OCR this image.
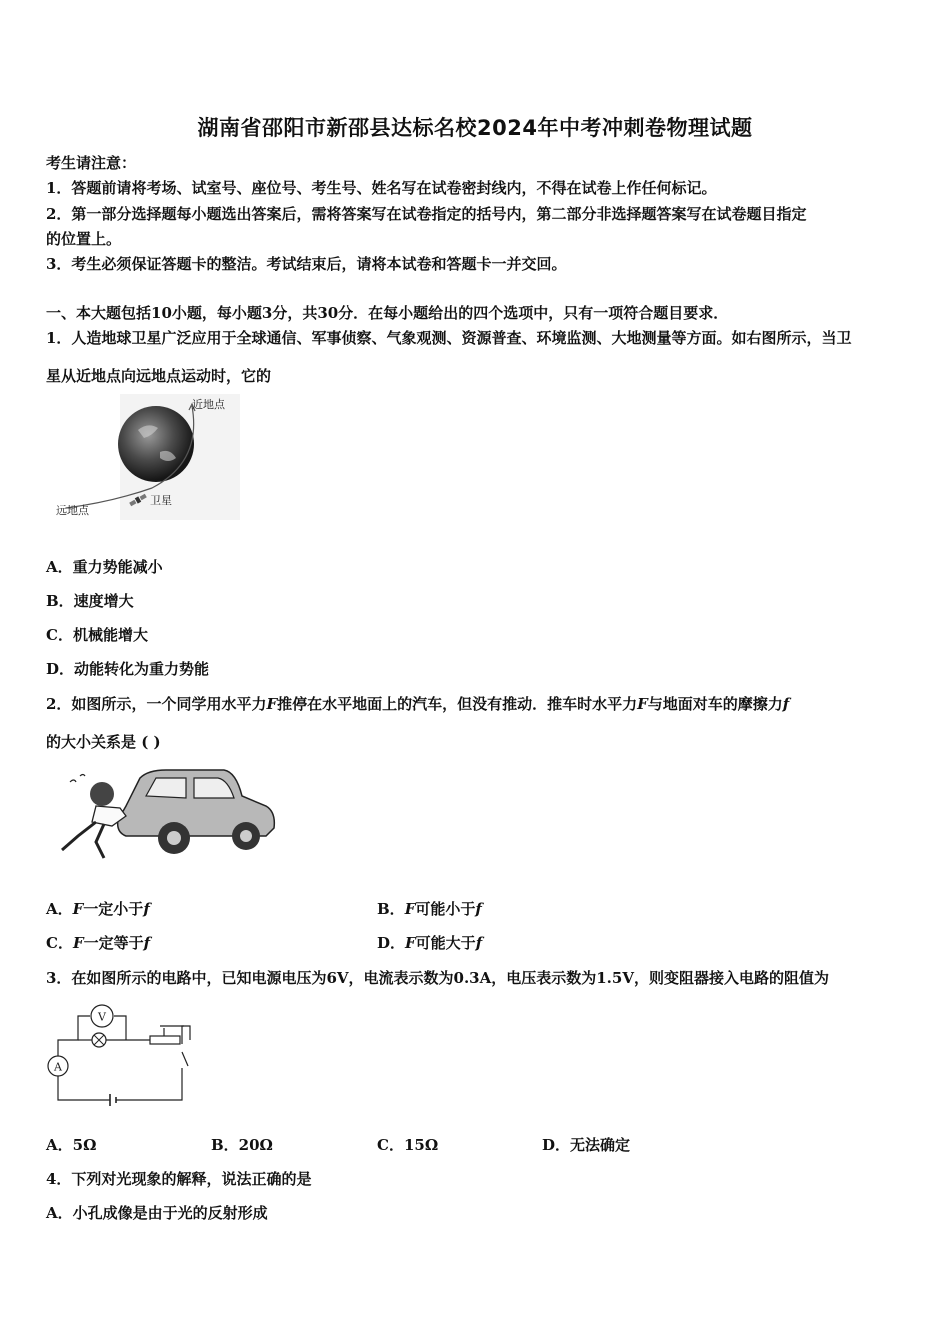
湖南省邵阳市新邵县达标名校2024年中考冲刺卷物理试题
考生请注意：
1．答题前请将考场、试室号、座位号、考生号、姓名写在试卷密封线内，不得在试卷上作任何标记。
2．第一部分选择题每小题选出答案后，需将答案写在试卷指定的括号内，第二部分非选择题答案写在试卷题目指定
的位置上。
3．考生必须保证答题卡的整洁。考试结束后，请将本试卷和答题卡一并交回。
一、本大题包括10小题，每小题3分，共30分．在每小题给出的四个选项中，只有一项符合题目要求．
1．人造地球卫星广泛应用于全球通信、军事侦察、气象观测、资源普查、环境监测、大地测量等方面。如右图所示，当卫
星从近地点向远地点运动时，它的
近地点
远地点
卫星
A．重力势能减小
B．速度增大
C．机械能增大
D．动能转化为重力势能
2．如图所示，一个同学用水平力F推停在水平地面上的汽车，但没有推动．推车时水平力F与地面对车的摩擦力f
的大小关系是 ( )
A．F一定小于f	B．F可能小于f
C．F一定等于f	D．F可能大于f
3．在如图所示的电路中，已知电源电压为6V，电流表示数为0.3A，电压表示数为1.5V，则变阻器接入电路的阻值为
V
A
A．5Ω	B．20Ω	C．15Ω	D．无法确定
4．下列对光现象的解释，说法正确的是
A．小孔成像是由于光的反射形成
